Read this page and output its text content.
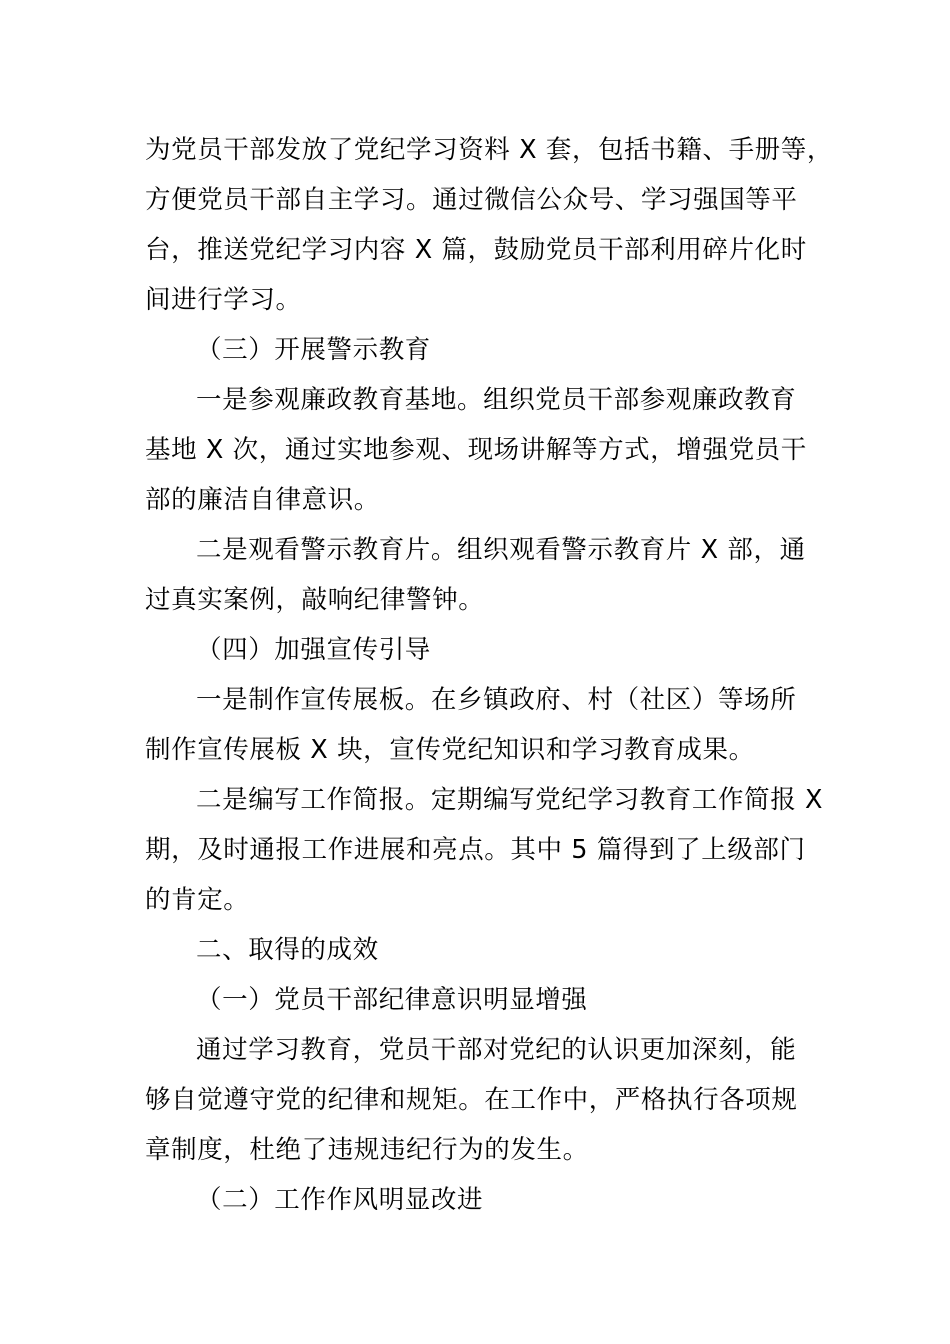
为党员干部发放了党纪学习资料 X 套，包括书籍、手册等，
方便党员干部自主学习。通过微信公众号、学习强国等平
台，推送党纪学习内容 X 篇，鼓励党员干部利用碎片化时
间进行学习。
（三）开展警示教育
一是参观廉政教育基地。组织党员干部参观廉政教育
基地 X 次，通过实地参观、现场讲解等方式，增强党员干
部的廉洁自律意识。
二是观看警示教育片。组织观看警示教育片 X 部，通
过真实案例，敲响纪律警钟。
（四）加强宣传引导
一是制作宣传展板。在乡镇政府、村（社区）等场所
制作宣传展板 X 块，宣传党纪知识和学习教育成果。
二是编写工作简报。定期编写党纪学习教育工作简报 X
期，及时通报工作进展和亮点。其中 5 篇得到了上级部门
的肯定。
二、取得的成效
（一）党员干部纪律意识明显增强
通过学习教育，党员干部对党纪的认识更加深刻，能
够自觉遵守党的纪律和规矩。在工作中，严格执行各项规
章制度，杜绝了违规违纪行为的发生。
（二）工作作风明显改进
